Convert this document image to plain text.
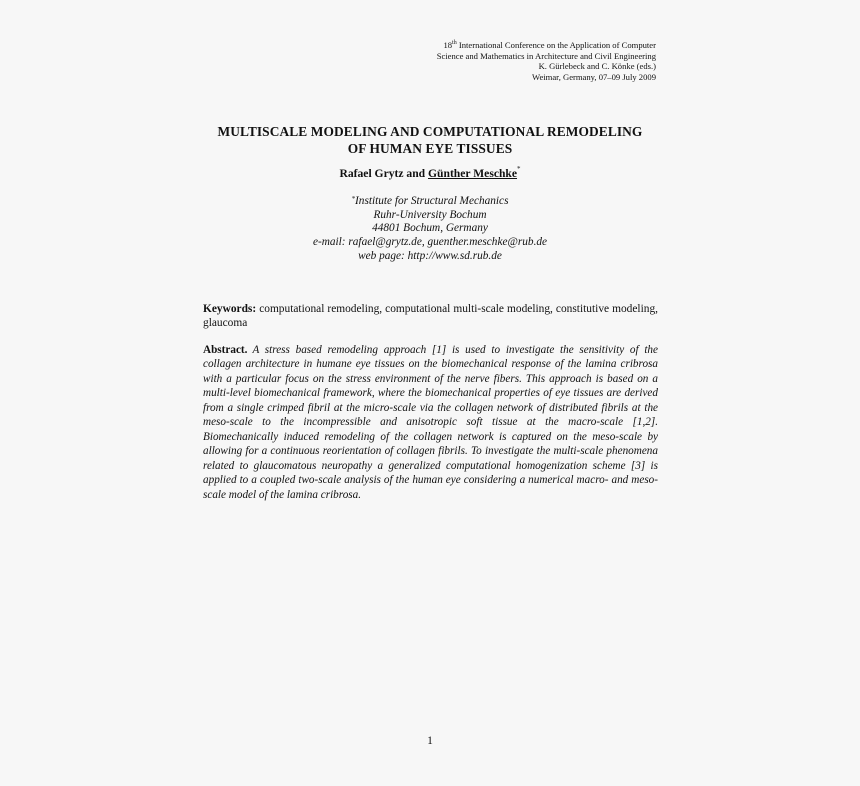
18th International Conference on the Application of Computer
Science and Mathematics in Architecture and Civil Engineering
K. Gürlebeck and C. Könke (eds.)
Weimar, Germany, 07–09 July 2009
MULTISCALE MODELING AND COMPUTATIONAL REMODELING
OF HUMAN EYE TISSUES
Rafael Grytz and Günther Meschke*
*Institute for Structural Mechanics
Ruhr-University Bochum
44801 Bochum, Germany
e-mail: rafael@grytz.de, guenther.meschke@rub.de
web page: http://www.sd.rub.de
Keywords: computational remodeling, computational multi-scale modeling, constitutive modeling, glaucoma
Abstract. A stress based remodeling approach [1] is used to investigate the sensitivity of the collagen architecture in humane eye tissues on the biomechanical response of the lamina cribrosa with a particular focus on the stress environment of the nerve fibers. This approach is based on a multi-level biomechanical framework, where the biomechanical properties of eye tissues are derived from a single crimped fibril at the micro-scale via the collagen network of distributed fibrils at the meso-scale to the incompressible and anisotropic soft tissue at the macro-scale [1,2]. Biomechanically induced remodeling of the collagen network is captured on the meso-scale by allowing for a continuous reorientation of collagen fibrils. To investigate the multi-scale phenomena related to glaucomatous neuropathy a generalized computational homogenization scheme [3] is applied to a coupled two-scale analysis of the human eye considering a numerical macro- and meso-scale model of the lamina cribrosa.
1
